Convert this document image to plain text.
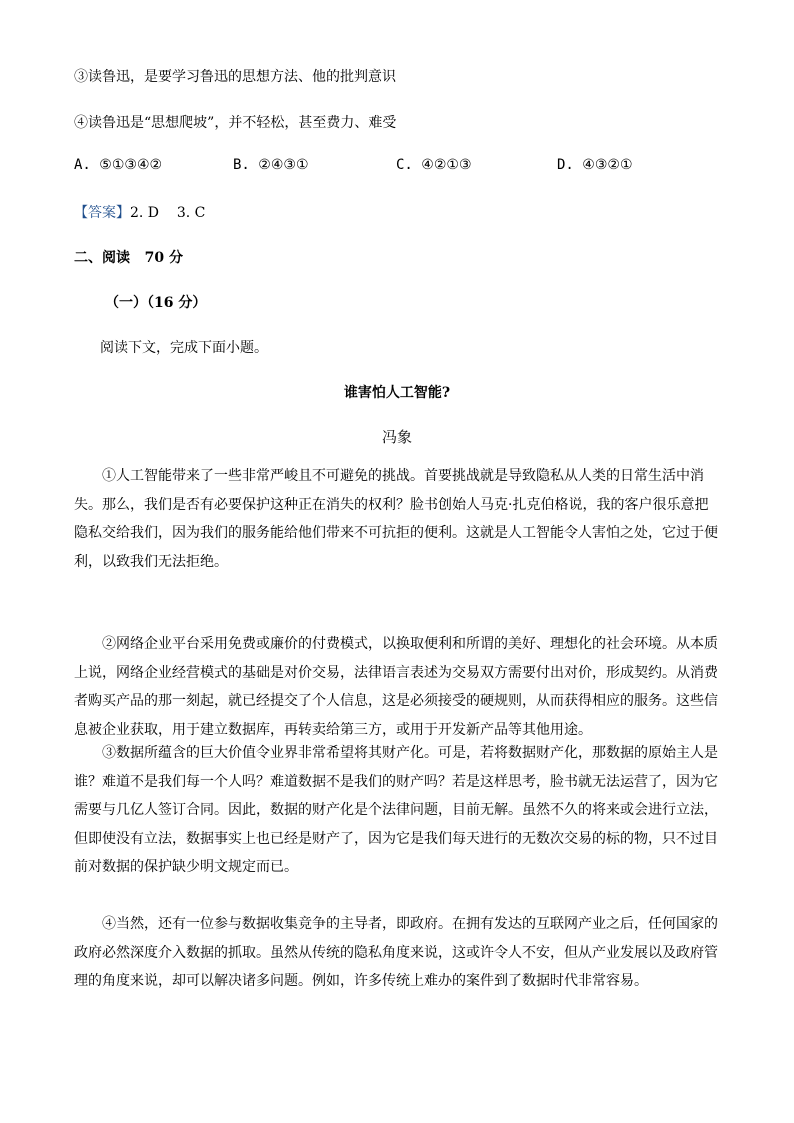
③读鲁迅，是要学习鲁迅的思想方法、他的批判意识
④读鲁迅是“思想爬坡”，并不轻松，甚至费力、难受
A. ⑤①③④②	B. ②④③①	C. ④②①③	D. ④③②①
【答案】2. D    3. C
二、阅读   70 分
（一）（16 分）
阅读下文，完成下面小题。
谁害怕人工智能?
冯象
①人工智能带来了一些非常严峻且不可避免的挑战。首要挑战就是导致隐私从人类的日常生活中消
失。那么，我们是否有必要保护这种正在消失的权利？脸书创始人马克·扎克伯格说，我的客户很乐意把
隐私交给我们，因为我们的服务能给他们带来不可抗拒的便利。这就是人工智能令人害怕之处，它过于便
利，以致我们无法拒绝。
②网络企业平台采用免费或廉价的付费模式，以换取便利和所谓的美好、理想化的社会环境。从本质
上说，网络企业经营模式的基础是对价交易，法律语言表述为交易双方需要付出对价，形成契约。从消费
者购买产品的那一刻起，就已经提交了个人信息，这是必须接受的硬规则，从而获得相应的服务。这些信
息被企业获取，用于建立数据库，再转卖给第三方，或用于开发新产品等其他用途。
③数据所蕴含的巨大价值令业界非常希望将其财产化。可是，若将数据财产化，那数据的原始主人是
谁？难道不是我们每一个人吗？难道数据不是我们的财产吗？若是这样思考，脸书就无法运营了，因为它
需要与几亿人签订合同。因此，数据的财产化是个法律问题，目前无解。虽然不久的将来或会进行立法，
但即使没有立法，数据事实上也已经是财产了，因为它是我们每天进行的无数次交易的标的物，只不过目
前对数据的保护缺少明文规定而已。
④当然，还有一位参与数据收集竞争的主导者，即政府。在拥有发达的互联网产业之后，任何国家的
政府必然深度介入数据的抓取。虽然从传统的隐私角度来说，这或许令人不安，但从产业发展以及政府管
理的角度来说，却可以解决诸多问题。例如，许多传统上难办的案件到了数据时代非常容易。
